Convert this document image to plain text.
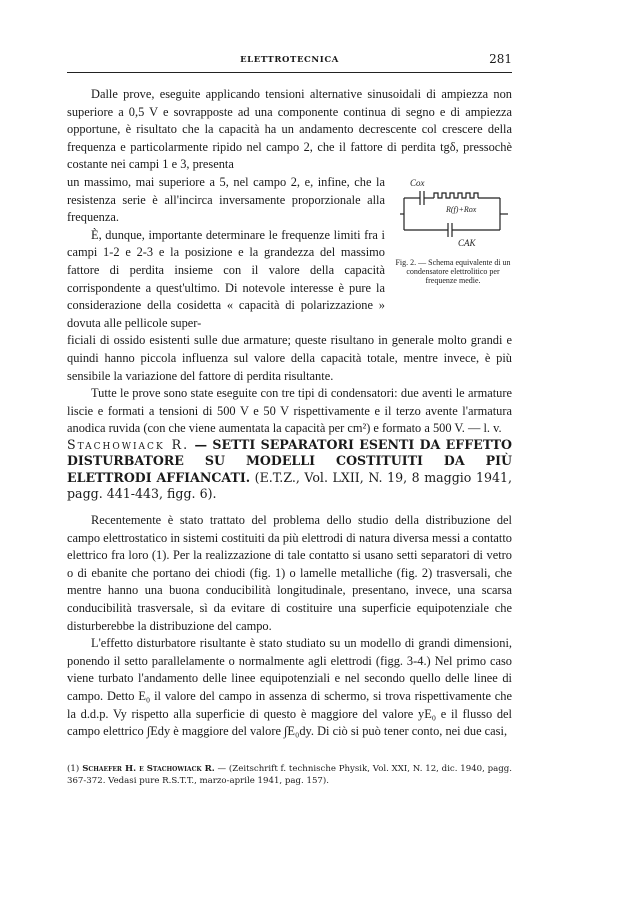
ELETTROTECNICA	281

Dalle prove, eseguite applicando tensioni alternative sinusoidali di ampiezza non superiore a 0,5 V e sovrapposte ad una componente continua di segno e di ampiezza opportune, è risultato che la capacità ha un andamento decrescente col crescere della frequenza e particolarmente ripido nel campo 2, che il fattore di perdita tgδ, pressochè costante nei campi 1 e 3, presenta

un massimo, mai superiore a 5, nel campo 2, e, infine, che la resistenza serie è all'incirca inversamente proporzionale alla frequenza.

È, dunque, importante determinare le frequenze limiti fra i campi 1-2 e 2-3 e la posizione e la grandezza del massimo fattore di perdita insieme con il valore della capacità corrispondente a quest'ultimo. Di notevole interesse è pure la considerazione della cosidetta « capacità di polarizzazione » dovuta alle pellicole super-

Cox
R(f)+Rox
CAK
Fig. 2. — Schema equivalente di un condensatore elettrolitico per frequenze medie.

ficiali di ossido esistenti sulle due armature; queste risultano in generale molto grandi e quindi hanno piccola influenza sul valore della capacità totale, mentre invece, è più sensibile la variazione del fattore di perdita risultante.

Tutte le prove sono state eseguite con tre tipi di condensatori: due aventi le armature liscie e formati a tensioni di 500 V e 50 V rispettivamente e il terzo avente l'armatura anodica ruvida (con che viene aumentata la capacità per cm²) e formato a 500 V. — l. v.

Stachowiack R. — SETTI SEPARATORI ESENTI DA EFFETTO DISTURBATORE SU MODELLI COSTITUITI DA PIÙ ELETTRODI AFFIANCATI. (E.T.Z., Vol. LXII, N. 19, 8 maggio 1941, pagg. 441-443, figg. 6).

Recentemente è stato trattato del problema dello studio della distribuzione del campo elettrostatico in sistemi costituiti da più elettrodi di natura diversa messi a contatto elettrico fra loro (1). Per la realizzazione di tale contatto si usano setti separatori di vetro o di ebanite che portano dei chiodi (fig. 1) o lamelle metalliche (fig. 2) trasversali, che mentre hanno una buona conducibilità longitudinale, presentano, invece, una scarsa conducibilità trasversale, sì da evitare di costituire una superficie equipotenziale che disturberebbe la distribuzione del campo.

L'effetto disturbatore risultante è stato studiato su un modello di grandi dimensioni, ponendo il setto parallelamente o normalmente agli elettrodi (figg. 3-4.) Nel primo caso viene turbato l'andamento delle linee equipotenziali e nel secondo quello delle linee di campo. Detto E₀ il valore del campo in assenza di schermo, si trova rispettivamente che la d.d.p. Vy rispetto alla superficie di questo è maggiore del valore yE₀ e il flusso del campo elettrico ∫Edy è maggiore del valore ∫E₀dy. Di ciò si può tener conto, nei due casi,

(1) Schaefer H. e Stachowiack R. — (Zeitschrift f. technische Physik, Vol. XXI, N. 12, dic. 1940, pagg. 367-372. Vedasi pure R.S.T.T., marzo-aprile 1941, pag. 157).
